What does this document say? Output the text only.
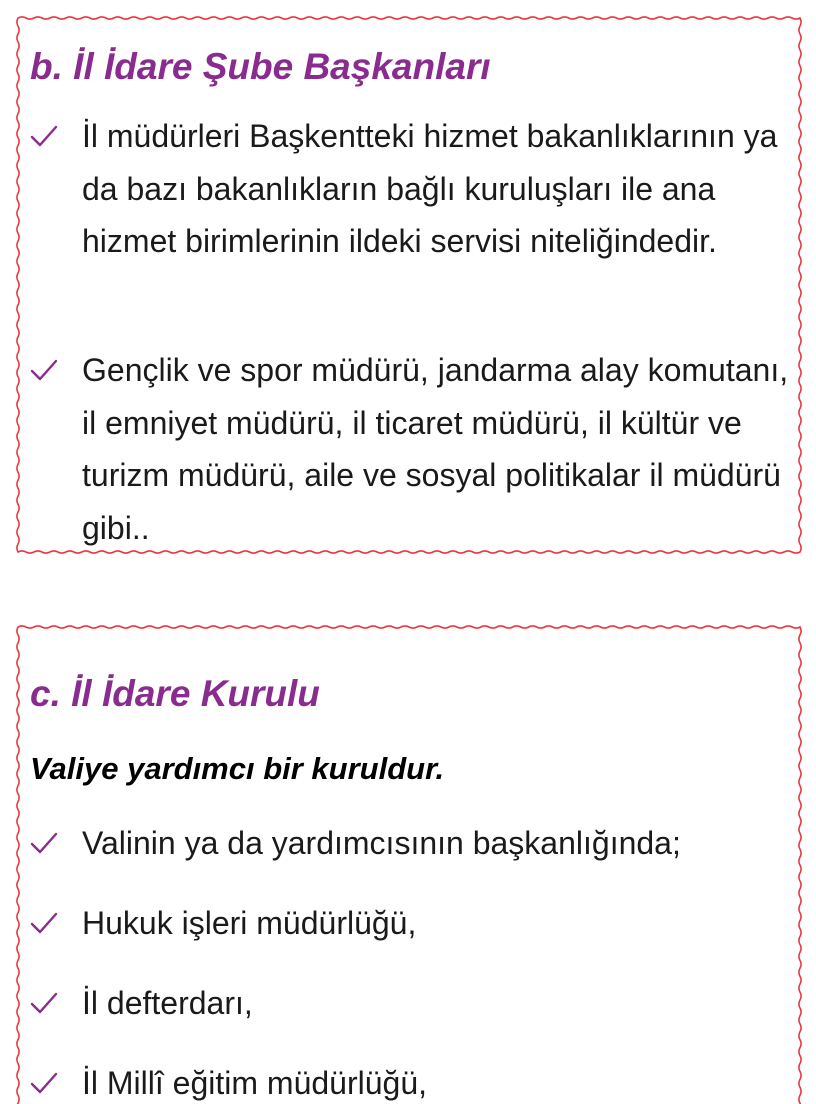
b. İl İdare Şube Başkanları
İl müdürleri Başkentteki hizmet bakanlıklarının ya da bazı bakanlıkların bağlı kuruluşları ile ana hizmet birimlerinin ildeki servisi niteliğindedir.
Gençlik ve spor müdürü, jandarma alay komutanı, il emniyet müdürü, il ticaret müdürü, il kültür ve turizm müdürü, aile ve sosyal politikalar il müdürü gibi..
c. İl İdare Kurulu

Valiye yardımcı bir kuruldur.

Valinin ya da yardımcısının başkanlığında;
Hukuk işleri müdürlüğü,
İl defterdarı,
İl Millî eğitim müdürlüğü,
